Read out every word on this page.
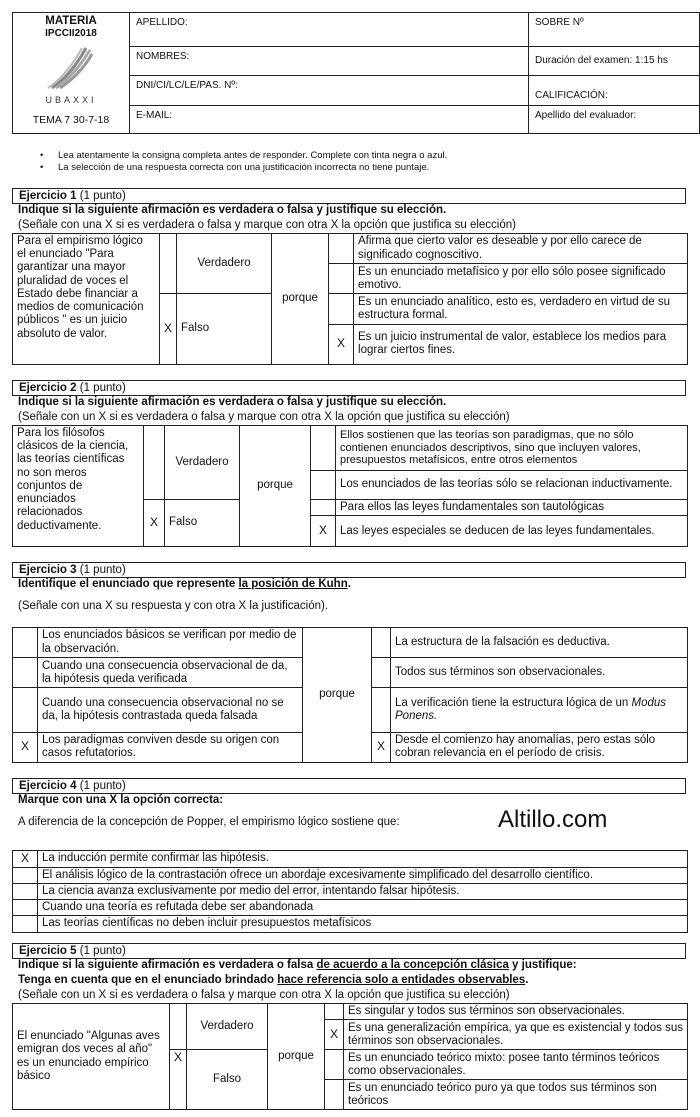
MATERIA
IPCCII2018
UBAXXI
TEMA 7 30-7-18	APELLIDO:	SOBRE Nº
	NOMBRES:	Duración del examen: 1:15 hs
	DNI/CI/LC/LE/PAS. Nº:	CALIFICACIÓN:
	E-MAIL:	Apellido del evaluador:
• Lea atentamente la consigna completa antes de responder. Complete con tinta negra o azul.
• La selección de una respuesta correcta con una justificación incorrecta no tiene puntaje.
Ejercicio 1 (1 punto)
Indique si la siguiente afirmación es verdadera o falsa y justifique su elección.
(Señale con una X si es verdadera o falsa y marque con otra X la opción que justifica su elección)
Para el empirismo lógico el enunciado "Para garantizar una mayor pluralidad de voces el Estado debe financiar a medios de comunicación públicos " es un juicio absoluto de valor.		Verdadero	porque		Afirma que cierto valor es deseable y por ello carece de significado cognoscitivo.
					Es un enunciado metafísico y por ello sólo posee significado emotivo.
	X	Falso			Es un enunciado analítico, esto es, verdadero en virtud de su estructura formal.
				X	Es un juicio instrumental de valor, establece los medios para lograr ciertos fines.
Ejercicio 2 (1 punto)
Indique si la siguiente afirmación es verdadera o falsa y justifique su elección.
(Señale con un X si es verdadera o falsa y marque con otra X la opción que justifica su elección)
Para los filósofos clásicos de la ciencia, las teorías científicas no son meros conjuntos de enunciados relacionados deductivamente.		Verdadero	porque		Ellos sostienen que las teorías son paradigmas, que no sólo contienen enunciados descriptivos, sino que incluyen valores, presupuestos metafísicos, entre otros elementos
					Los enunciados de las teorías sólo se relacionan inductivamente.
	X	Falso			Para ellos las leyes fundamentales son tautológicas
				X	Las leyes especiales se deducen de las leyes fundamentales.
Ejercicio 3 (1 punto)
Identifique el enunciado que represente la posición de Kuhn.
(Señale con una X su respuesta y con otra X la justificación).
	Los enunciados básicos se verifican por medio de la observación.	porque		La estructura de la falsación es deductiva.
	Cuando una consecuencia observacional de da, la hipótesis queda verificada			Todos sus términos son observacionales.
	Cuando una consecuencia observacional no se da, la hipótesis contrastada queda falsada			La verificación tiene la estructura lógica de un Modus Ponens.
X	Los paradigmas conviven desde su origen con casos refutatorios.		X	Desde el comienzo hay anomalías, pero estas sólo cobran relevancia en el período de crisis.
Ejercicio 4 (1 punto)
Marque con una X la opción correcta:
A diferencia de la concepción de Popper, el empirismo lógico sostiene que:	Altillo.com
X	La inducción permite confirmar las hipótesis.
	El análisis lógico de la contrastación ofrece un abordaje excesivamente simplificado del desarrollo científico.
	La ciencia avanza exclusivamente por medio del error, intentando falsar hipótesis.
	Cuando una teoría es refutada debe ser abandonada
	Las teorías científicas no deben incluir presupuestos metafísicos
Ejercicio 5 (1 punto)
Indique si la siguiente afirmación es verdadera o falsa de acuerdo a la concepción clásica y justifique:
Tenga en cuenta que en el enunciado brindado hace referencia solo a entidades observables.
(Señale con un X si es verdadera o falsa y marque con otra X la opción que justifica su elección)
El enunciado "Algunas aves emigran dos veces al año" es un enunciado empírico básico		Verdadero	porque		Es singular y todos sus términos son observacionales.
				X	Es una generalización empírica, ya que es existencial y todos sus términos son observacionales.
	X	Falso			Es un enunciado teórico mixto: posee tanto términos teóricos como observacionales.
					Es un enunciado teórico puro ya que todos sus términos son teóricos
